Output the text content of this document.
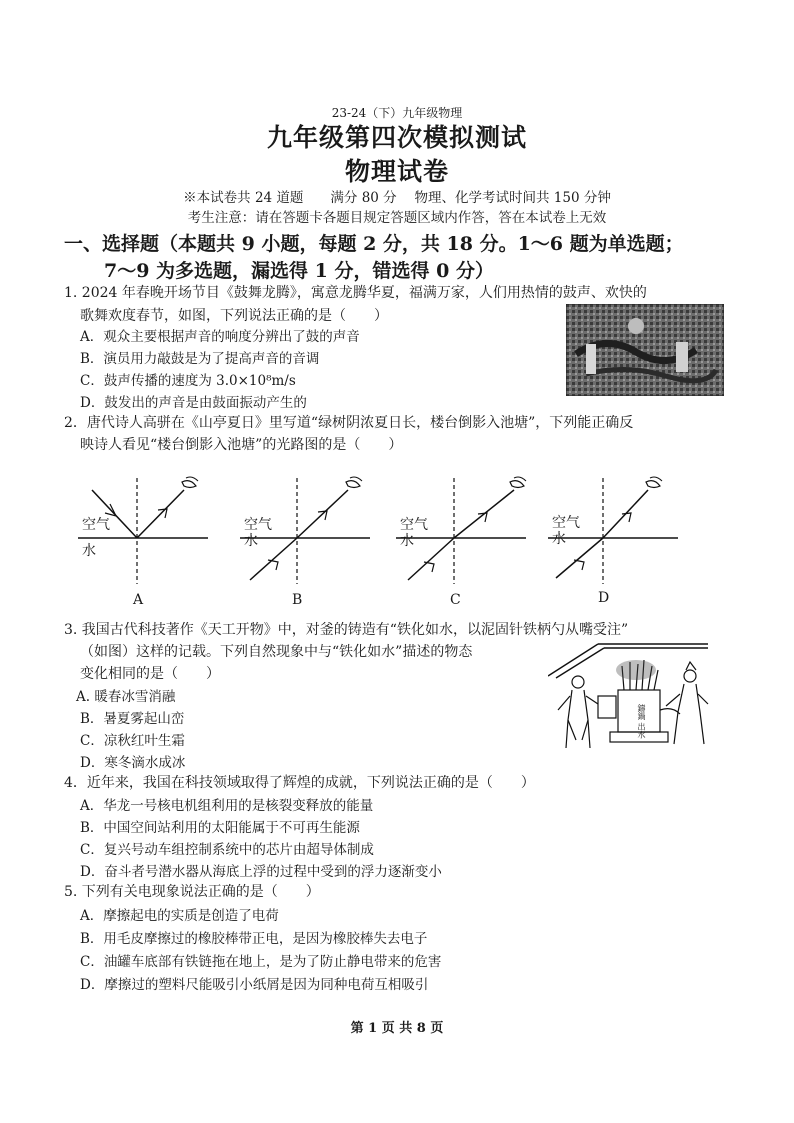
23-24（下）九年级物理
九年级第四次模拟测试
物理试卷
※本试卷共 24 道题　　满分 80 分　 物理、化学考试时间共 150 分钟
考生注意：请在答题卡各题目规定答题区域内作答，答在本试卷上无效
一、选择题（本题共 9 小题，每题 2 分，共 18 分。1～6 题为单选题；
7～9 为多选题，漏选得 1 分，错选得 0 分）
1. 2024 年春晚开场节目《鼓舞龙腾》，寓意龙腾华夏，福满万家，人们用热情的鼓声、欢快的
歌舞欢度春节，如图，下列说法正确的是（　　）
A．观众主要根据声音的响度分辨出了鼓的声音
B．演员用力敲鼓是为了提高声音的音调
C．鼓声传播的速度为 3.0×10⁸m/s
D．鼓发出的声音是由鼓面振动产生的
2．唐代诗人高骈在《山亭夏日》里写道“绿树阴浓夏日长，楼台倒影入池塘”，下列能正确反
映诗人看见“楼台倒影入池塘”的光路图的是（　　）
空气
水
A
空气
水
B
空气
水
C
空气
水
D
3. 我国古代科技著作《天工开物》中，对釜的铸造有“铁化如水，以泥固针铁柄勺从嘴受注”
（如图）这样的记载。下列自然现象中与“铁化如水”描述的物态
变化相同的是（　　）
A. 暖春冰雪消融
B．暑夏雾起山峦
C．凉秋红叶生霜
D．寒冬滴水成冰
鑄鍋 出水
4．近年来，我国在科技领域取得了辉煌的成就，下列说法正确的是（　　）
A．华龙一号核电机组利用的是核裂变释放的能量
B．中国空间站利用的太阳能属于不可再生能源
C．复兴号动车组控制系统中的芯片由超导体制成
D．奋斗者号潜水器从海底上浮的过程中受到的浮力逐渐变小
5. 下列有关电现象说法正确的是（　　）
A．摩擦起电的实质是创造了电荷
B．用毛皮摩擦过的橡胶棒带正电，是因为橡胶棒失去电子
C．油罐车底部有铁链拖在地上，是为了防止静电带来的危害
D．摩擦过的塑料尺能吸引小纸屑是因为同种电荷互相吸引
第 1 页 共 8 页
